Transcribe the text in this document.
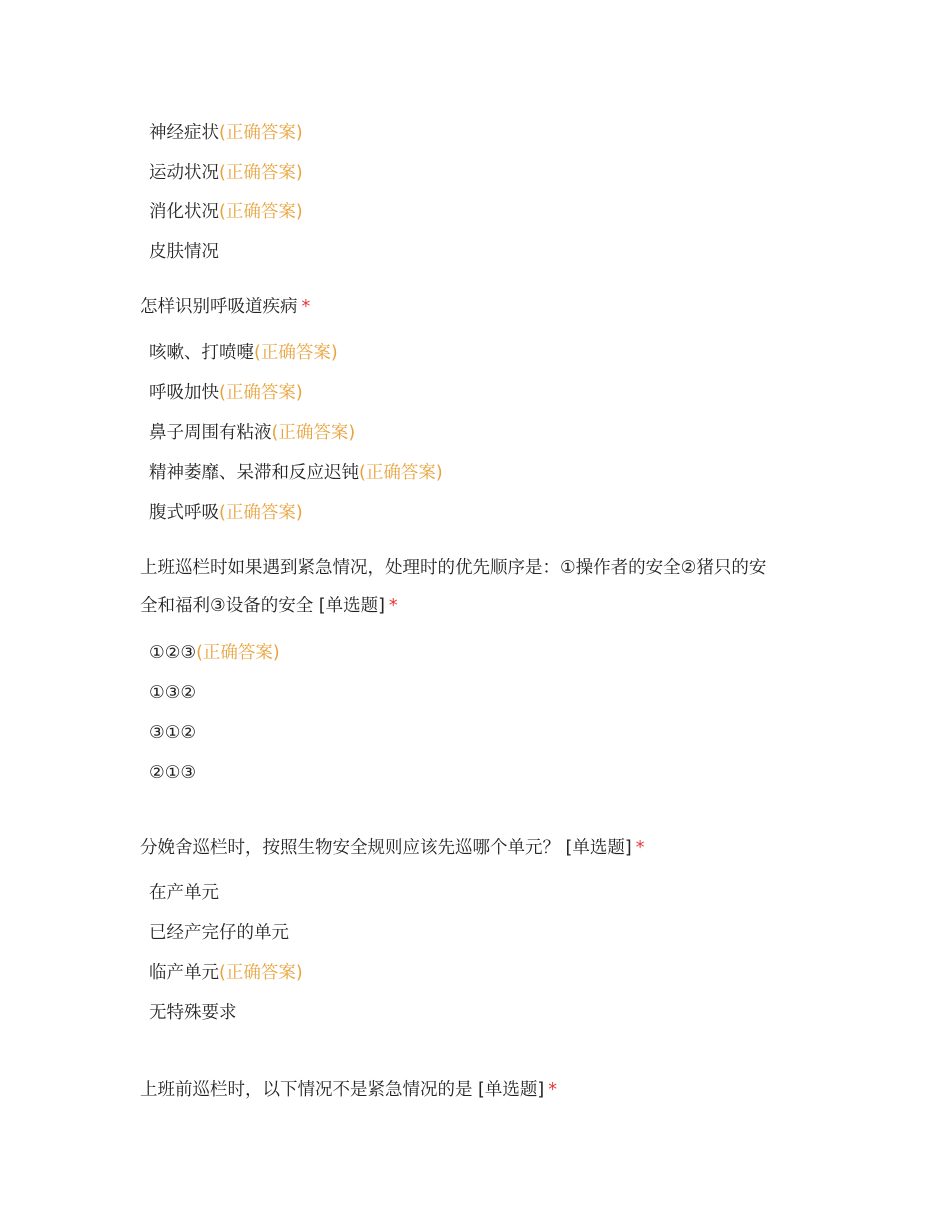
神经症状(正确答案)
运动状况(正确答案)
消化状况(正确答案)
皮肤情况
怎样识别呼吸道疾病 *
咳嗽、打喷嚏(正确答案)
呼吸加快(正确答案)
鼻子周围有粘液(正确答案)
精神萎靡、呆滞和反应迟钝(正确答案)
腹式呼吸(正确答案)
上班巡栏时如果遇到紧急情况，处理时的优先顺序是：①操作者的安全②猪只的安
全和福利③设备的安全 [单选题] *
①②③(正确答案)
①③②
③①②
②①③
分娩舍巡栏时，按照生物安全规则应该先巡哪个单元？ [单选题] *
在产单元
已经产完仔的单元
临产单元(正确答案)
无特殊要求
上班前巡栏时，以下情况不是紧急情况的是 [单选题] *
